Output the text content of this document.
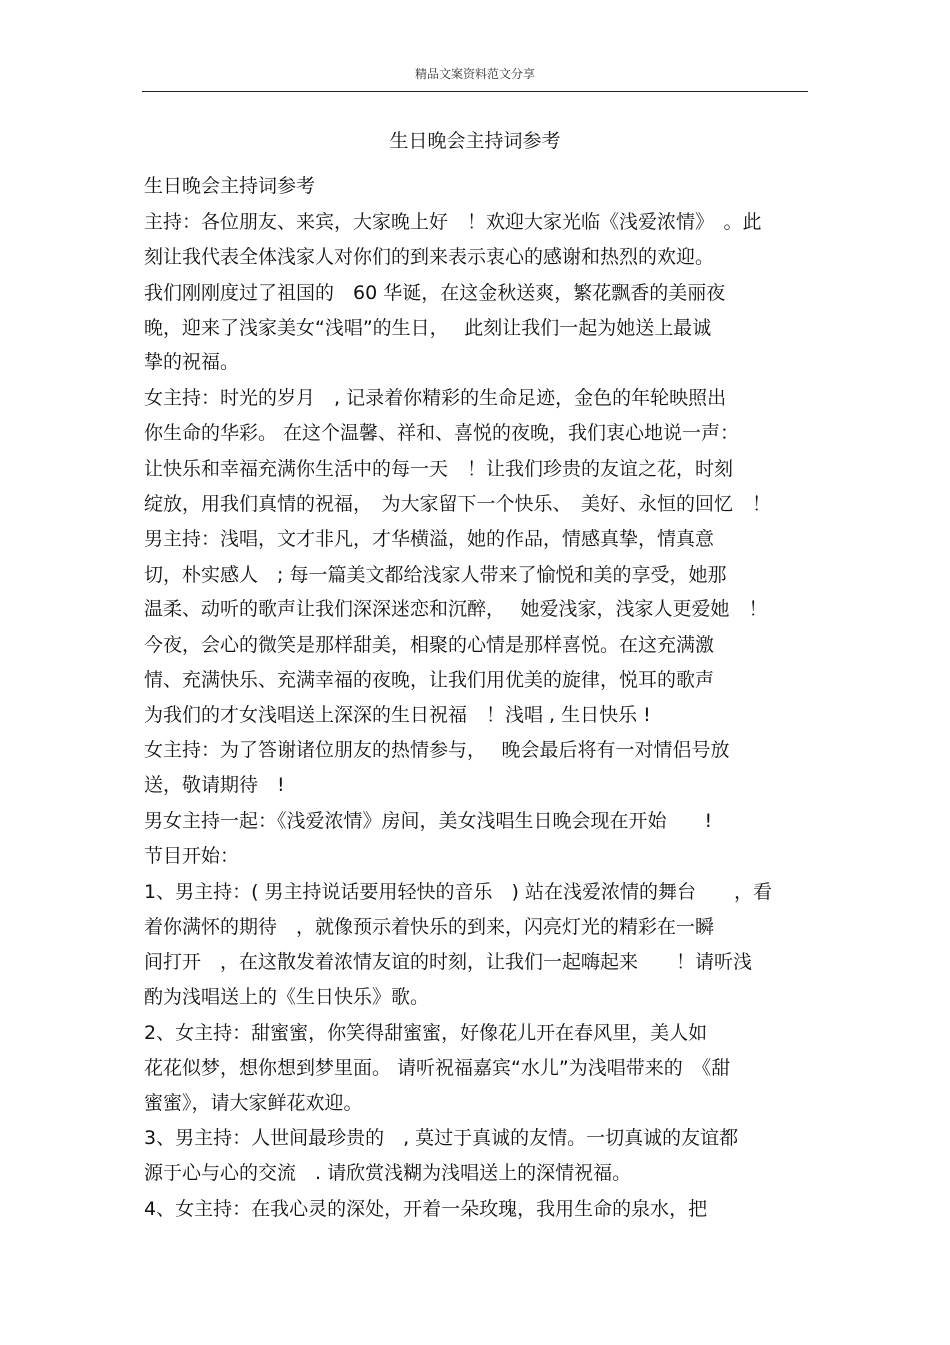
精品文案资料范文分享
生日晚会主持词参考
生日晚会主持词参考
主持：各位朋友、来宾，大家晚上好　！欢迎大家光临《浅爱浓情》　。此
刻让我代表全体浅家人对你们的到来表示衷心的感谢和热烈的欢迎。
我们刚刚度过了祖国的　60 华诞，在这金秋送爽，繁花飘香的美丽夜
晚，迎来了浅家美女“浅唱”的生日，　 此刻让我们一起为她送上最诚
挚的祝福。
女主持：时光的岁月　, 记录着你精彩的生命足迹，金色的年轮映照出
你生命的华彩。 在这个温馨、祥和、喜悦的夜晚，我们衷心地说一声：
让快乐和幸福充满你生活中的每一天　！让我们珍贵的友谊之花，时刻
绽放，用我们真情的祝福，　为大家留下一个快乐、　美好、永恒的回忆　！
男主持：浅唱，文才非凡，才华横溢，她的作品，情感真挚，情真意
切，朴实感人　; 每一篇美文都给浅家人带来了愉悦和美的享受，她那
温柔、动听的歌声让我们深深迷恋和沉醉，　 她爱浅家，浅家人更爱她　！
今夜，会心的微笑是那样甜美，相聚的心情是那样喜悦。在这充满激
情、充满快乐、充满幸福的夜晚，让我们用优美的旋律，悦耳的歌声
为我们的才女浅唱送上深深的生日祝福　！浅唱 , 生日快乐 !
女主持：为了答谢诸位朋友的热情参与，　 晚会最后将有一对情侣号放
送，敬请期待　!
男女主持一起：《浅爱浓情》房间，美女浅唱生日晚会现在开始　　!
节目开始：
1、男主持：( 男主持说话要用轻快的音乐　) 站在浅爱浓情的舞台　　，看
着你满怀的期待　，就像预示着快乐的到来，闪亮灯光的精彩在一瞬
间打开　，在这散发着浓情友谊的时刻，让我们一起嗨起来　　！请听浅
酌为浅唱送上的《生日快乐》歌。
2、女主持：甜蜜蜜，你笑得甜蜜蜜，好像花儿开在春风里，美人如
花花似梦，想你想到梦里面。 请听祝福嘉宾“水儿”为浅唱带来的　《甜
蜜蜜》，请大家鲜花欢迎。
3、男主持：人世间最珍贵的　, 莫过于真诚的友情。一切真诚的友谊都
源于心与心的交流　. 请欣赏浅糊为浅唱送上的深情祝福。
4、女主持：在我心灵的深处，开着一朵玫瑰，我用生命的泉水，把
